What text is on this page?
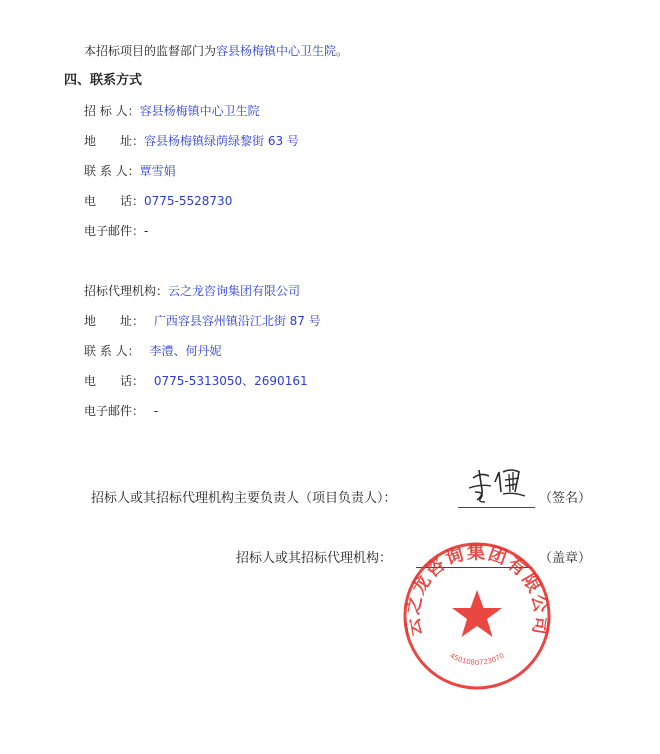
本招标项目的监督部门为容县杨梅镇中心卫生院。
四、联系方式
招 标 人：容县杨梅镇中心卫生院
地　　址：容县杨梅镇绿荫绿黎街 63 号
联 系 人：覃雪娟
电　　话：0775-5528730
电子邮件：-
招标代理机构：云之龙咨询集团有限公司
地　　址： 广西容县容州镇沿江北街 87 号
联 系 人： 李澧、何丹妮
电　　话： 0775-5313050、2690161
电子邮件： -
招标人或其招标代理机构主要负责人（项目负责人）：	（签名）
招标人或其招标代理机构：	（盖章）
云之龙咨询集团有限公司
4501080723070
